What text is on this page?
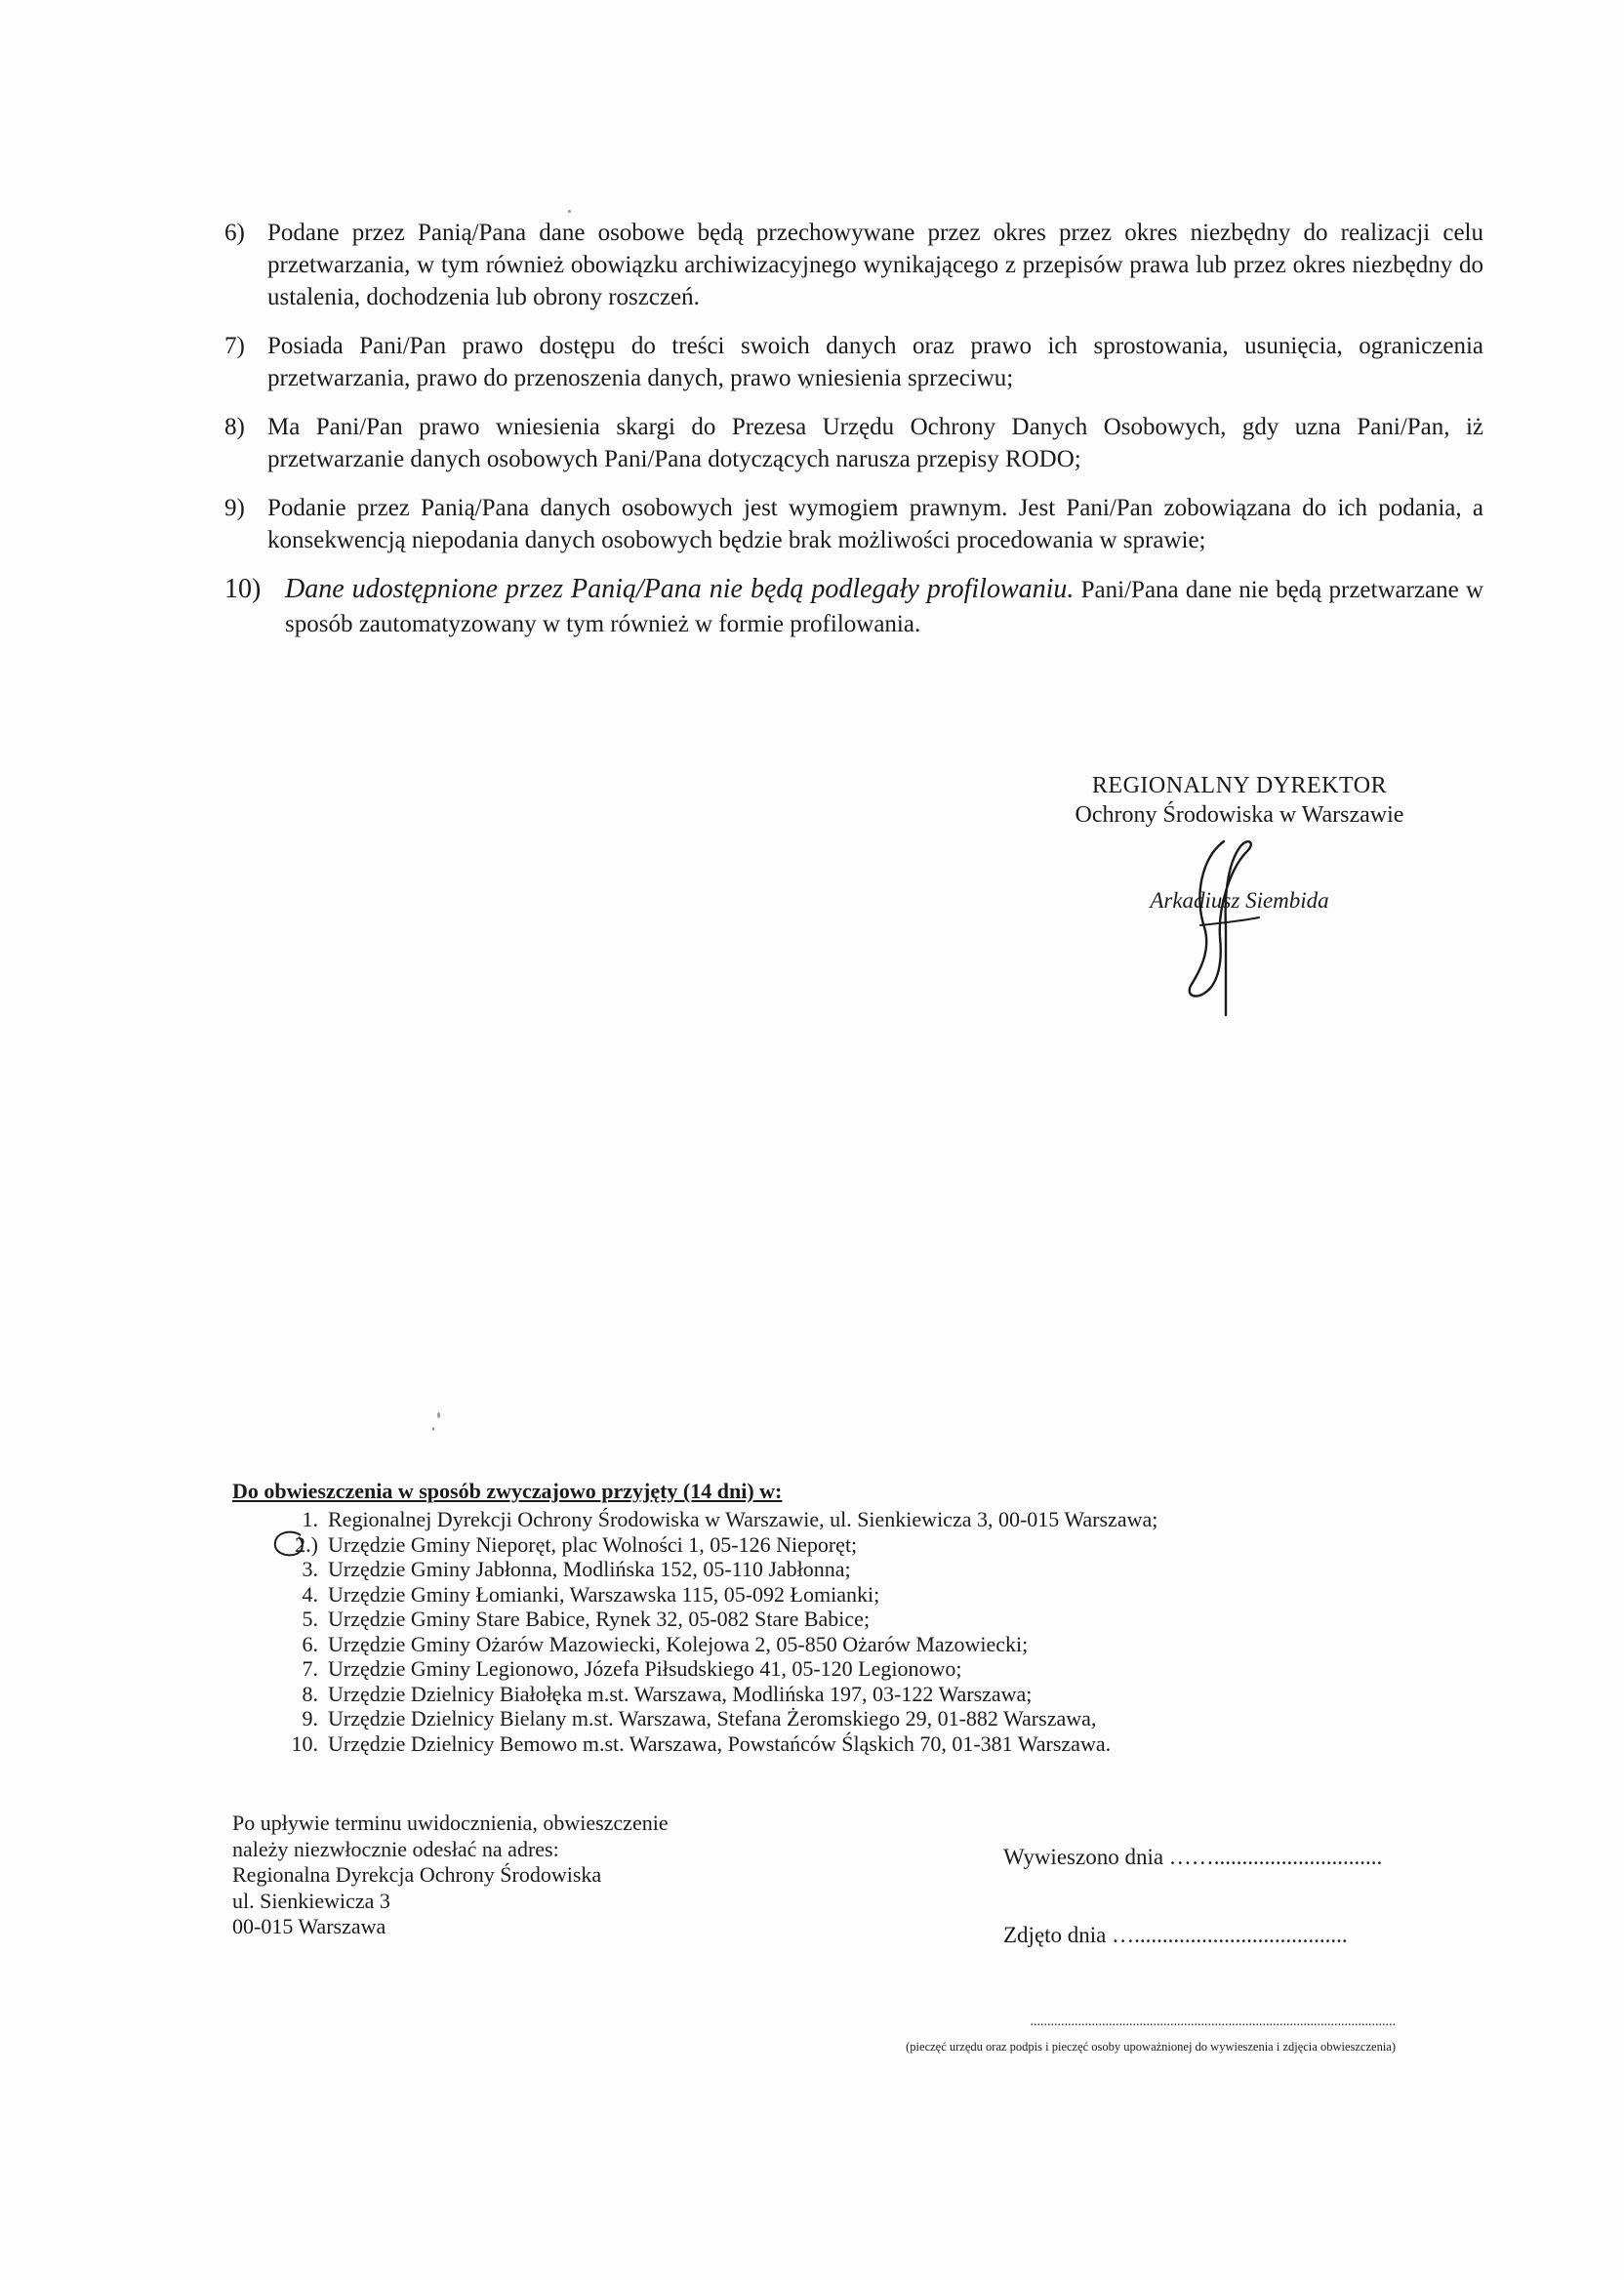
6) Podane przez Panią/Pana dane osobowe będą przechowywane przez okres przez okres niezbędny do realizacji celu przetwarzania, w tym również obowiązku archiwizacyjnego wynikającego z przepisów prawa lub przez okres niezbędny do ustalenia, dochodzenia lub obrony roszczeń.
7) Posiada Pani/Pan prawo dostępu do treści swoich danych oraz prawo ich sprostowania, usunięcia, ograniczenia przetwarzania, prawo do przenoszenia danych, prawo wniesienia sprzeciwu;
8) Ma Pani/Pan prawo wniesienia skargi do Prezesa Urzędu Ochrony Danych Osobowych, gdy uzna Pani/Pan, iż przetwarzanie danych osobowych Pani/Pana dotyczących narusza przepisy RODO;
9) Podanie przez Panią/Pana danych osobowych jest wymogiem prawnym. Jest Pani/Pan zobowiązana do ich podania, a konsekwencją niepodania danych osobowych będzie brak możliwości procedowania w sprawie;
10) Dane udostępnione przez Panią/Pana nie będą podlegały profilowaniu. Pani/Pana dane nie będą przetwarzane w sposób zautomatyzowany w tym również w formie profilowania.
REGIONALNY DYREKTOR
Ochrony Środowiska w Warszawie
Arkadiusz Siembida
Do obwieszczenia w sposób zwyczajowo przyjęty (14 dni) w:
1. Regionalnej Dyrekcji Ochrony Środowiska w Warszawie, ul. Sienkiewicza 3, 00-015 Warszawa;
2.) Urzędzie Gminy Nieporęt, plac Wolności 1, 05-126 Nieporęt;
3. Urzędzie Gminy Jabłonna, Modlińska 152, 05-110 Jabłonna;
4. Urzędzie Gminy Łomianki, Warszawska 115, 05-092 Łomianki;
5. Urzędzie Gminy Stare Babice, Rynek 32, 05-082 Stare Babice;
6. Urzędzie Gminy Ożarów Mazowiecki, Kolejowa 2, 05-850 Ożarów Mazowiecki;
7. Urzędzie Gminy Legionowo, Józefa Piłsudskiego 41, 05-120 Legionowo;
8. Urzędzie Dzielnicy Białołęka m.st. Warszawa, Modlińska 197, 03-122 Warszawa;
9. Urzędzie Dzielnicy Bielany m.st. Warszawa, Stefana Żeromskiego 29, 01-882 Warszawa,
10. Urzędzie Dzielnicy Bemowo m.st. Warszawa, Powstańców Śląskich 70, 01-381 Warszawa.
Po upływie terminu uwidocznienia, obwieszczenie
należy niezwłocznie odesłać na adres:
Regionalna Dyrekcja Ochrony Środowiska
ul. Sienkiewicza 3
00-015 Warszawa
Wywieszono dnia ……..............................
Zdjęto dnia …......................................
...........................................................................................................
(pieczęć urzędu oraz podpis i pieczęć osoby upoważnionej do wywieszenia i zdjęcia obwieszczenia)
